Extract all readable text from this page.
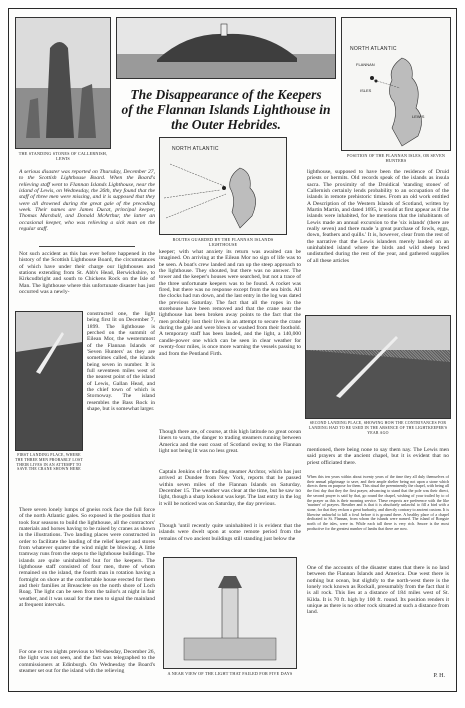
THE STANDING STONES OF CALLERNISH, LEWIS
NORTH ATLANTIC
FLANNAN
ISLES
LEWIS
POSITION OF THE FLANNAN ISLES, OR SEVEN HUNTERS
The Disappearance of the Keepers
of the Flannan Islands Lighthouse in
the Outer Hebrides.
A serious disaster was reported on Thursday, December 27, to the Scottish Lighthouse Board. When the Board's relieving staff went to Flannan Islands Lighthouse, near the island of Lewis, on Wednesday, the 26th, they found that the staff of three men were missing, and it is supposed that they were all drowned during the great gale of the preceding week. Their names are James Ducat, principal keeper, Thomas Marshall, and Donald McArthur, the latter an occasional keeper, who was relieving a sick man on the regular staff.
NORTH ATLANTIC
ROUTES GUARDED BY THE FLANNAN ISLANDS LIGHTHOUSE
Not such accident as this has ever before happened in the history of the Scottish Lighthouse Board, the circumstances of which have under their charge our lighthouses and stations extending from St. Abb's Head, Berwickshire, to Kirkcudbright and south to Chickens Rock on the Isle of Man. The lighthouse where this unfortunate disaster has just occurred was a newly-
FIRST LANDING PLACE, WHERE THE THREE MEN PROBABLY LOST THEIR LIVES IN AN ATTEMPT TO SAVE THE CRANE SHOWN HERE
constructed one, the light being first lit on December 7, 1899. The lighthouse is perched on the summit of Eilean Mor, the westernmost of the Flannan Islands or 'Seven Hunters' as they are sometimes called, the islands being seven in number. It is full seventeen miles west of the nearest point of the island of Lewis, Gallan Head, and the chief town of which is Stornoway. The island resembles the Bass Rock in shape, but is somewhat larger.
There seven lonely lumps of gneiss rock face the full force of the north Atlantic gales. So exposed is the position that it took four seasons to build the lighthouse, all the contractors' materials and horses having to be raised by cranes as shown in the illustrations. Two landing places were constructed in order to facilitate the landing of the relief keeper and stores from whatever quarter the wind might be blowing. A little tramway runs from the steps to the lighthouse buildings. The islands are quite uninhabited but for the keepers. The lighthouse staff consisted of four men, three of whom remained on the island, the fourth man in rotation having a fortnight on shore at the comfortable house erected for them and their families at Breasclete on the north shore of Loch Roag. The light can be seen from the tailor's at night in fair weather, and it was usual for the men to signal the mainland at frequent intervals.
For one or two nights previous to Wednesday, December 26, the light was not seen, and the fact was telegraphed to the commissioners at Edinburgh. On Wednesday the Board's steamer set out for the island with the relieving
keeper; with what anxiety its return was awaited can be imagined. On arriving at the Eilean Mor no sign of life was to be seen. A boat's crew landed and ran up the steep approach to the lighthouse. They shouted, but there was no answer. The tower and the keeper's houses were searched, but not a trace of the three unfortunate keepers was to be found. A rocket was fired, but there was no response except from the sea birds. All the clocks had run down, and the last entry in the log was dated the previous Saturday. The fact that all the ropes in the storehouse have been removed and that the crane near the lighthouse has been broken away points to the fact that the men probably lost their lives in an attempt to secure the crane during the gale and were blown or washed from their foothold. A temporary staff has been landed, and the light, a 140,000 candle-power one which can be seen in clear weather for twenty-four miles, is once more warning the vessels passing to and from the Pentland Firth.
Though there are, of course, at this high latitude no great ocean liners to warn, the danger to trading steamers running between America and the east coast of Scotland owing to the Flannan light not being lit was no less great.
Captain Jenkins of the trading steamer Archtor, which has just arrived at Dundee from New York, reports that he passed within seven miles of the Flannan Islands on Saturday, December 15. The weather was clear at the time, but he saw no light, though a sharp lookout was kept. The last entry in the log it will be noticed was on Saturday, the day previous.
Though 'until recently quite uninhabited it is evident that the islands were dwelt upon at some remote period from the remains of two ancient buildings still standing just below the
A NEAR VIEW OF THE LIGHT THAT FAILED FOR FIVE DAYS
lighthouse, supposed to have been the residence of Druid priests or hermits. Old records speak of the islands as insula sacra. The proximity of the Druidical 'standing stones' of Callernish certainly lends probability to an occupation of the islands in remote prehistoric times. From an old work entitled A Description of the Western Islands of Scotland, written by Martin Martin, and dated 1695, it would at first appear as if the islands were inhabited, for he mentions that the inhabitants of Lewis made an annual excursion to the 'six islands' (there are really seven) and there made 'a great purchase of fowls, eggs, down, feathers and quills.' It is, however, clear from the rest of the narrative that the Lewis islanders merely landed on an uninhabited island where the birds and wild sheep bred undisturbed during the rest of the year, and gathered supplies of all these articles
SECOND LANDING PLACE, SHOWING HOW THE CONTRIVANCES FOR LANDING HAD TO BE USED IN THE ABSENCE OF THE LIGHTKEEPER'S YEAR AGO
mentioned, there being none to say them nay. The Lewis men said prayers at the ancient chapel, but it is evident that no priest officiated there.
When this ten years within about twenty years of the time they all duly themselves of their annual pilgrimage to save, and their ample shelter being not upon a stone which directs them on purpose for them. This ritual the preeminently the chapel, with being all the first day that they the first prayer, advancing to stand that the pole was their direct, the second prayer is said by that, go round the chapel, wishing of your trailed by to of the prayer as this is their morning service. These respects are preference with the like 'mariner' of prayers. Breather and is that it is absolutely unlawful to fill a bird with a stone, for that they reckon a great barbarity, and directly contrary to ancient custom. It is likewise unlawful to kill a fowl before it is ground there. A healthy place of a chapel dedicated to St. Flannan, from whom the islands were named. The island of Rongsie north of the isles, were in. While each tall there is very rich. Smore is the most productive for the greatest number of lambs that there are now.
One of the accounts of the disaster states that there is no land between the Flannan Islands and America. Due west there is nothing but ocean, but slightly to the north-west there is the lonely rock known as Rockall, presumably from the fact that it is all rock. This lies at a distance of 184 miles west of St. Kilda. It is 70 ft. high by 100 ft. round. Its position renders it unique as there is no other rock situated at such a distance from land.
P. H.
